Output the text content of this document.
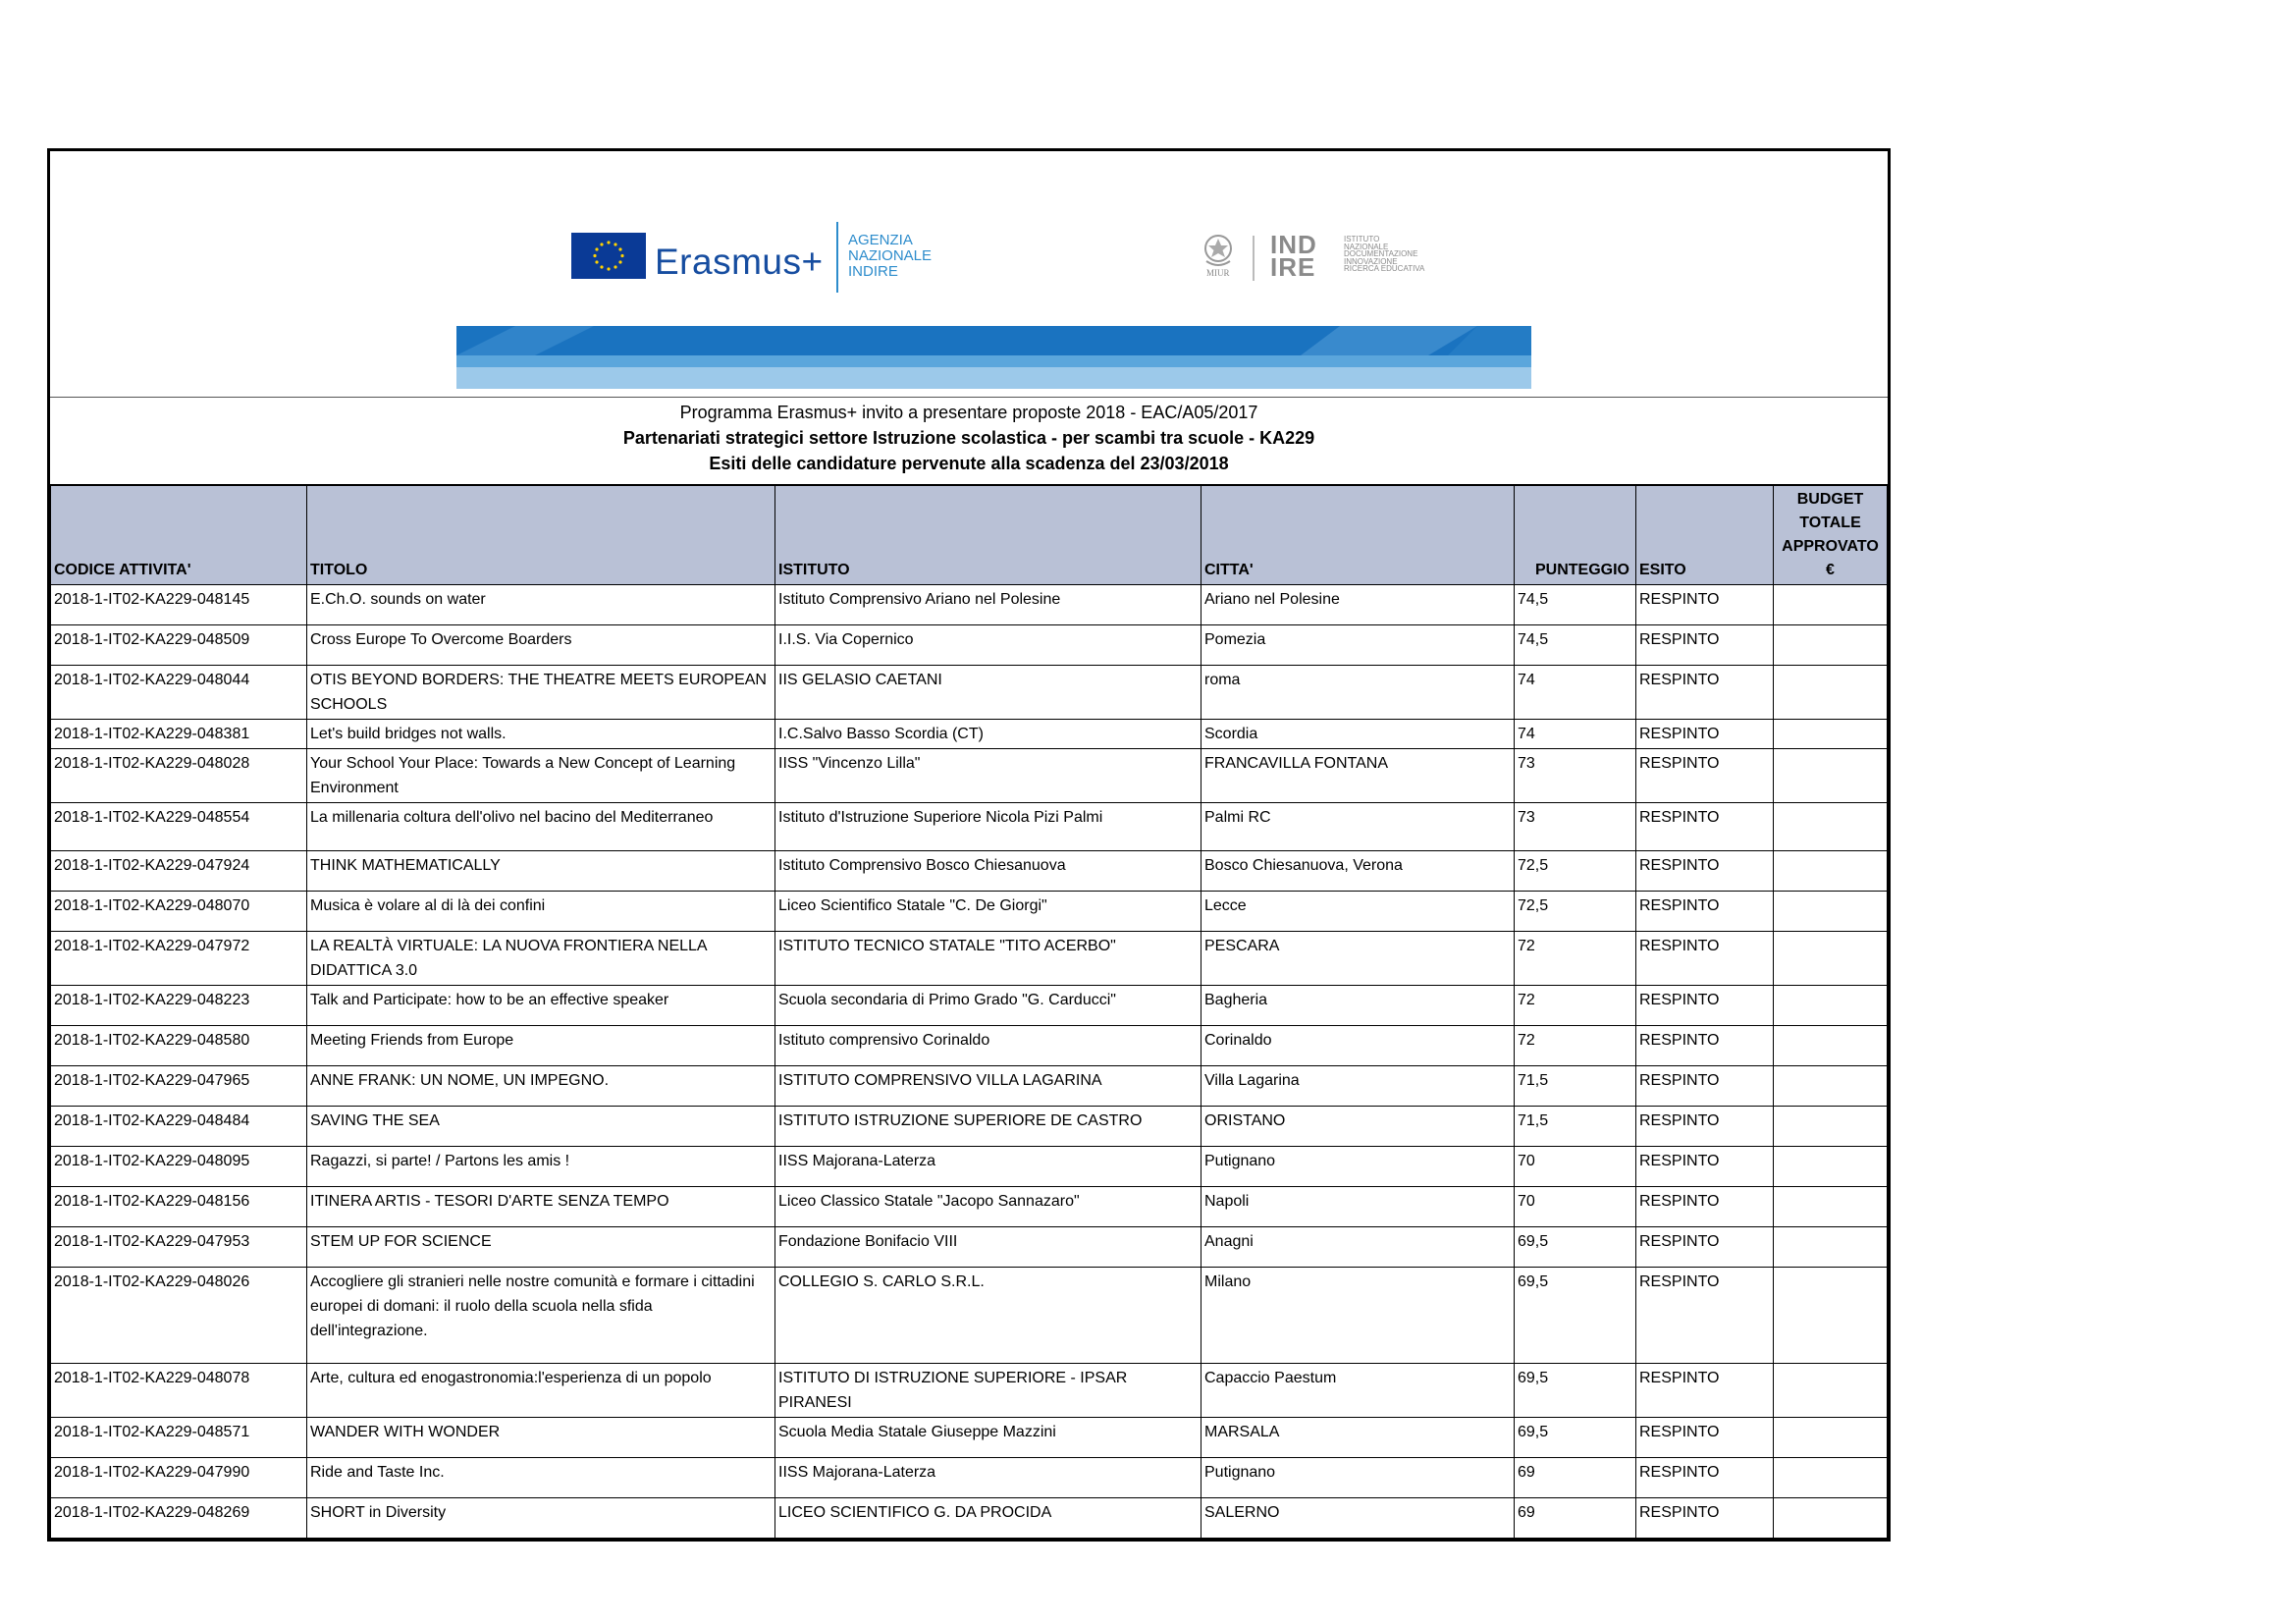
Erasmus+
AGENZIA
NAZIONALE
INDIRE	MIUR
IND
IRE
ISTITUTO
NAZIONALE
DOCUMENTAZIONE
INNOVAZIONE
RICERCA EDUCATIVA
Programma Erasmus+ invito a presentare proposte 2018 - EAC/A05/2017
Partenariati strategici settore Istruzione scolastica - per scambi tra scuole - KA229
Esiti delle candidature pervenute alla scadenza del 23/03/2018
CODICE ATTIVITA'	TITOLO	ISTITUTO	CITTA'	PUNTEGGIO	ESITO	BUDGET TOTALE APPROVATO €
2018-1-IT02-KA229-048145	E.Ch.O. sounds on water	Istituto Comprensivo Ariano nel Polesine	Ariano nel Polesine	74,5	RESPINTO	
2018-1-IT02-KA229-048509	Cross Europe To Overcome Boarders	I.I.S. Via Copernico	Pomezia	74,5	RESPINTO	
2018-1-IT02-KA229-048044	OTIS BEYOND BORDERS: THE THEATRE MEETS EUROPEAN SCHOOLS	IIS GELASIO CAETANI	roma	74	RESPINTO	
2018-1-IT02-KA229-048381	Let's build bridges not walls.	I.C.Salvo Basso Scordia (CT)	Scordia	74	RESPINTO	
2018-1-IT02-KA229-048028	Your School Your Place: Towards a New Concept of Learning Environment	IISS "Vincenzo Lilla"	FRANCAVILLA FONTANA	73	RESPINTO	
2018-1-IT02-KA229-048554	La millenaria coltura dell'olivo nel bacino del Mediterraneo	Istituto d'Istruzione Superiore Nicola Pizi Palmi	Palmi RC	73	RESPINTO	
2018-1-IT02-KA229-047924	THINK MATHEMATICALLY	Istituto Comprensivo Bosco Chiesanuova	Bosco Chiesanuova, Verona	72,5	RESPINTO	
2018-1-IT02-KA229-048070	Musica è volare al di là dei confini	Liceo Scientifico Statale "C. De Giorgi"	Lecce	72,5	RESPINTO	
2018-1-IT02-KA229-047972	LA REALTÀ VIRTUALE: LA NUOVA FRONTIERA NELLA DIDATTICA 3.0	ISTITUTO TECNICO STATALE "TITO ACERBO"	PESCARA	72	RESPINTO	
2018-1-IT02-KA229-048223	Talk and Participate: how to be an effective speaker	Scuola secondaria di Primo Grado "G. Carducci"	Bagheria	72	RESPINTO	
2018-1-IT02-KA229-048580	Meeting Friends from Europe	Istituto comprensivo Corinaldo	Corinaldo	72	RESPINTO	
2018-1-IT02-KA229-047965	ANNE FRANK: UN NOME, UN IMPEGNO.	ISTITUTO COMPRENSIVO VILLA LAGARINA	Villa Lagarina	71,5	RESPINTO	
2018-1-IT02-KA229-048484	SAVING THE SEA	ISTITUTO ISTRUZIONE SUPERIORE DE CASTRO	ORISTANO	71,5	RESPINTO	
2018-1-IT02-KA229-048095	Ragazzi, si parte! / Partons les amis !	IISS Majorana-Laterza	Putignano	70	RESPINTO	
2018-1-IT02-KA229-048156	ITINERA ARTIS - TESORI D'ARTE SENZA TEMPO	Liceo Classico Statale "Jacopo Sannazaro"	Napoli	70	RESPINTO	
2018-1-IT02-KA229-047953	STEM UP FOR SCIENCE	Fondazione Bonifacio VIII	Anagni	69,5	RESPINTO	
2018-1-IT02-KA229-048026	Accogliere gli stranieri nelle nostre comunità e formare i cittadini europei di domani: il ruolo della scuola nella sfida dell'integrazione.	COLLEGIO S. CARLO S.R.L.	Milano	69,5	RESPINTO	
2018-1-IT02-KA229-048078	Arte, cultura ed enogastronomia:l'esperienza di un popolo	ISTITUTO DI ISTRUZIONE SUPERIORE - IPSAR PIRANESI	Capaccio Paestum	69,5	RESPINTO	
2018-1-IT02-KA229-048571	WANDER WITH WONDER	Scuola Media Statale Giuseppe Mazzini	MARSALA	69,5	RESPINTO	
2018-1-IT02-KA229-047990	Ride and Taste Inc.	IISS Majorana-Laterza	Putignano	69	RESPINTO	
2018-1-IT02-KA229-048269	SHORT in Diversity	LICEO SCIENTIFICO G. DA PROCIDA	SALERNO	69	RESPINTO	
